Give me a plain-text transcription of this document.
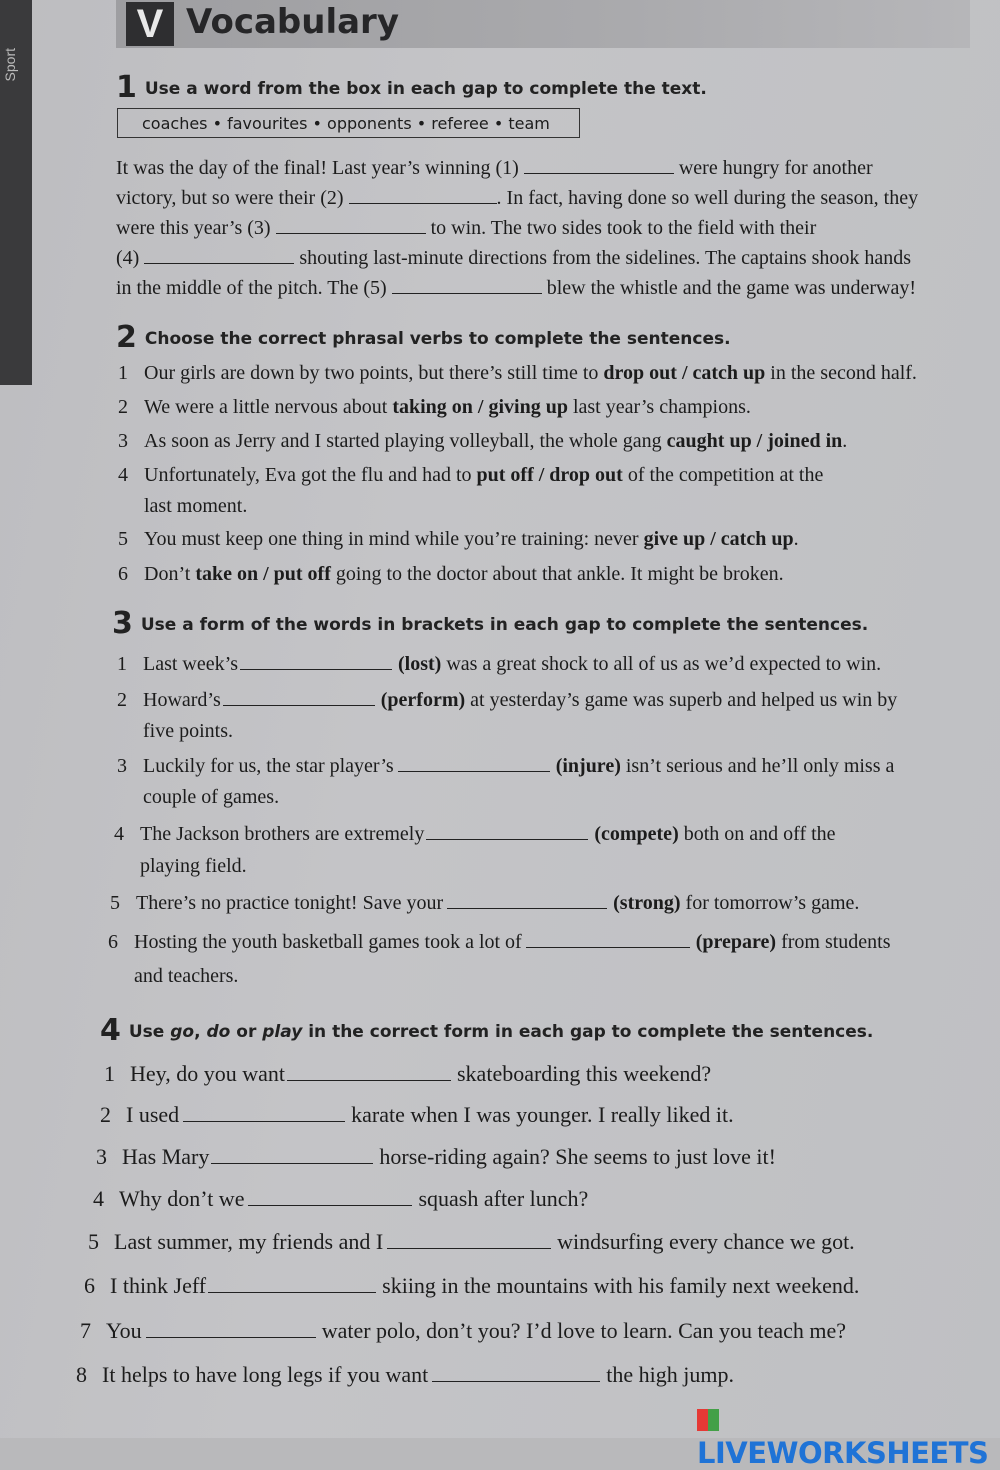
Sport
V Vocabulary
1 Use a word from the box in each gap to complete the text.
coaches • favourites • opponents • referee • team
It was the day of the final! Last year’s winning (1)	were hungry for another
victory, but so were their (2)	. In fact, having done so well during the season, they
were this year’s (3)	to win. The two sides took to the field with their
(4)	shouting last-minute directions from the sidelines. The captains shook hands
in the middle of the pitch. The (5)	blew the whistle and the game was underway!
2 Choose the correct phrasal verbs to complete the sentences.
1 Our girls are down by two points, but there’s still time to drop out / catch up in the second half.
2 We were a little nervous about taking on / giving up last year’s champions.
3 As soon as Jerry and I started playing volleyball, the whole gang caught up / joined in.
4 Unfortunately, Eva got the flu and had to put off / drop out of the competition at the
last moment.
5 You must keep one thing in mind while you’re training: never give up / catch up.
6 Don’t take on / put off going to the doctor about that ankle. It might be broken.
3 Use a form of the words in brackets in each gap to complete the sentences.
1 Last week’s	(lost) was a great shock to all of us as we’d expected to win.
2 Howard’s	(perform) at yesterday’s game was superb and helped us win by
five points.
3 Luckily for us, the star player’s	(injure) isn’t serious and he’ll only miss a
couple of games.
4 The Jackson brothers are extremely	(compete) both on and off the
playing field.
5 There’s no practice tonight! Save your	(strong) for tomorrow’s game.
6 Hosting the youth basketball games took a lot of	(prepare) from students
and teachers.
4 Use go, do or play in the correct form in each gap to complete the sentences.
1 Hey, do you want	skateboarding this weekend?
2 I used	karate when I was younger. I really liked it.
3 Has Mary	horse-riding again? She seems to just love it!
4 Why don’t we	squash after lunch?
5 Last summer, my friends and I	windsurfing every chance we got.
6 I think Jeff	skiing in the mountains with his family next weekend.
7 You	water polo, don’t you? I’d love to learn. Can you teach me?
8 It helps to have long legs if you want	the high jump.
LIVEWORKSHEETS
